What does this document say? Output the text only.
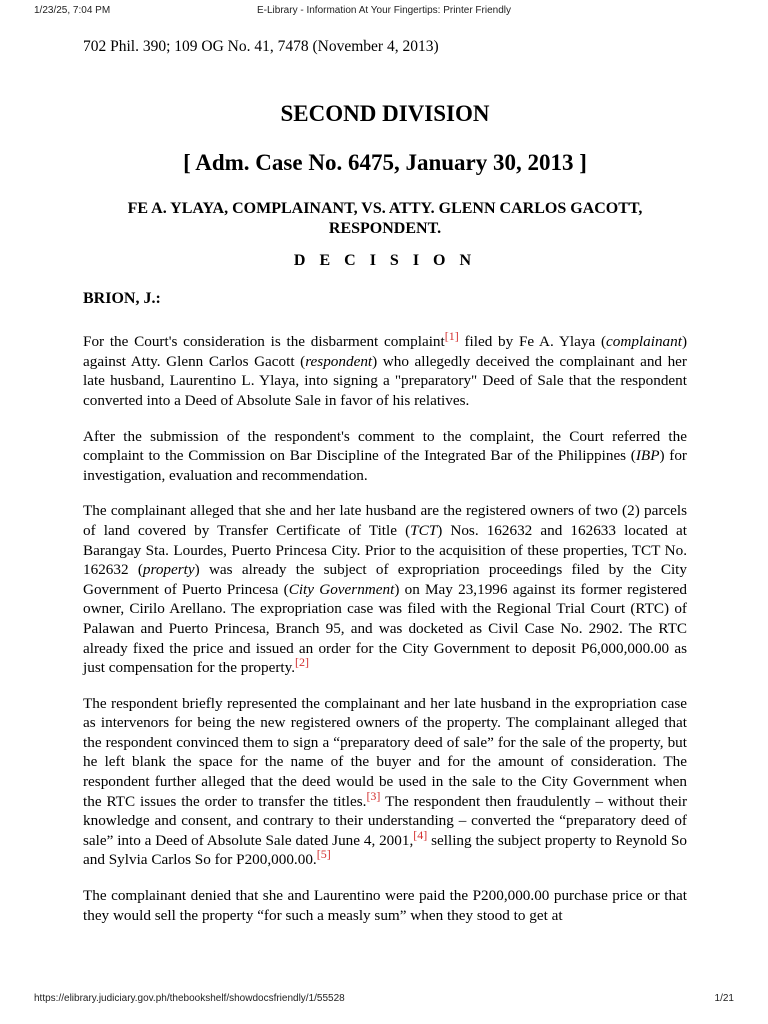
1/23/25, 7:04 PM	E-Library - Information At Your Fingertips: Printer Friendly

702 Phil. 390; 109 OG No. 41, 7478 (November 4, 2013)

SECOND DIVISION
[ Adm. Case No. 6475, January 30, 2013 ]
FE A. YLAYA, COMPLAINANT, VS. ATTY. GLENN CARLOS GACOTT, RESPONDENT.
D E C I S I O N
BRION, J.:

For the Court's consideration is the disbarment complaint[1] filed by Fe A. Ylaya (complainant) against Atty. Glenn Carlos Gacott (respondent) who allegedly deceived the complainant and her late husband, Laurentino L. Ylaya, into signing a "preparatory" Deed of Sale that the respondent converted into a Deed of Absolute Sale in favor of his relatives.

After the submission of the respondent's comment to the complaint, the Court referred the complaint to the Commission on Bar Discipline of the Integrated Bar of the Philippines (IBP) for investigation, evaluation and recommendation.

The complainant alleged that she and her late husband are the registered owners of two (2) parcels of land covered by Transfer Certificate of Title (TCT) Nos. 162632 and 162633 located at Barangay Sta. Lourdes, Puerto Princesa City. Prior to the acquisition of these properties, TCT No. 162632 (property) was already the subject of expropriation proceedings filed by the City Government of Puerto Princesa (City Government) on May 23,1996 against its former registered owner, Cirilo Arellano. The expropriation case was filed with the Regional Trial Court (RTC) of Palawan and Puerto Princesa, Branch 95, and was docketed as Civil Case No. 2902. The RTC already fixed the price and issued an order for the City Government to deposit P6,000,000.00 as just compensation for the property.[2]

The respondent briefly represented the complainant and her late husband in the expropriation case as intervenors for being the new registered owners of the property. The complainant alleged that the respondent convinced them to sign a “preparatory deed of sale” for the sale of the property, but he left blank the space for the name of the buyer and for the amount of consideration. The respondent further alleged that the deed would be used in the sale to the City Government when the RTC issues the order to transfer the titles.[3] The respondent then fraudulently – without their knowledge and consent, and contrary to their understanding – converted the “preparatory deed of sale” into a Deed of Absolute Sale dated June 4, 2001,[4] selling the subject property to Reynold So and Sylvia Carlos So for P200,000.00.[5]

The complainant denied that she and Laurentino were paid the P200,000.00 purchase price or that they would sell the property “for such a measly sum” when they stood to get at

https://elibrary.judiciary.gov.ph/thebookshelf/showdocsfriendly/1/55528	1/21
